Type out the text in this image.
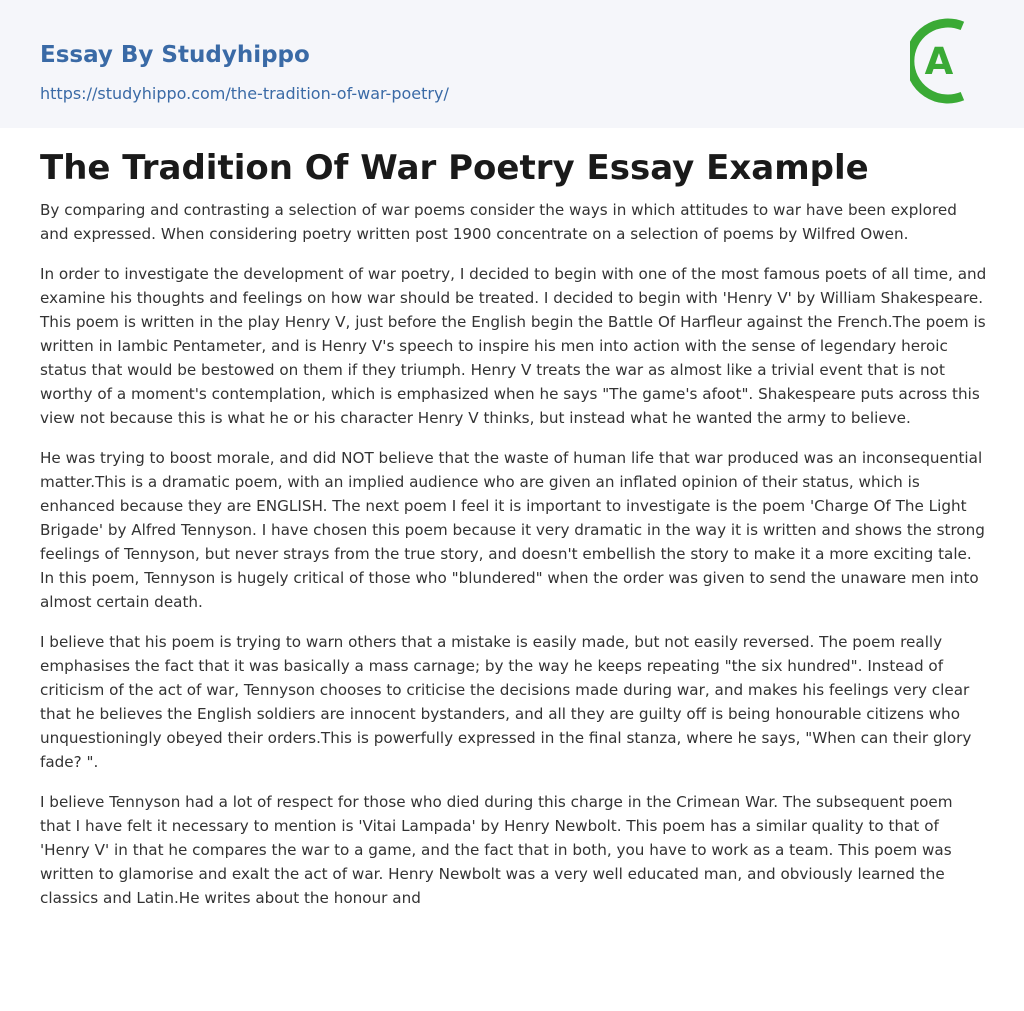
Essay By Studyhippo
https://studyhippo.com/the-tradition-of-war-poetry/
A
The Tradition Of War Poetry Essay Example

By comparing and contrasting a selection of war poems consider the ways in which attitudes to war have been explored and expressed. When considering poetry written post 1900 concentrate on a selection of poems by Wilfred Owen.

In order to investigate the development of war poetry, I decided to begin with one of the most famous poets of all time, and examine his thoughts and feelings on how war should be treated. I decided to begin with 'Henry V' by William Shakespeare. This poem is written in the play Henry V, just before the English begin the Battle Of Harfleur against the French.The poem is written in Iambic Pentameter, and is Henry V's speech to inspire his men into action with the sense of legendary heroic status that would be bestowed on them if they triumph. Henry V treats the war as almost like a trivial event that is not worthy of a moment's contemplation, which is emphasized when he says "The game's afoot". Shakespeare puts across this view not because this is what he or his character Henry V thinks, but instead what he wanted the army to believe.

He was trying to boost morale, and did NOT believe that the waste of human life that war produced was an inconsequential matter.This is a dramatic poem, with an implied audience who are given an inflated opinion of their status, which is enhanced because they are ENGLISH. The next poem I feel it is important to investigate is the poem 'Charge Of The Light Brigade' by Alfred Tennyson. I have chosen this poem because it very dramatic in the way it is written and shows the strong feelings of Tennyson, but never strays from the true story, and doesn't embellish the story to make it a more exciting tale. In this poem, Tennyson is hugely critical of those who "blundered" when the order was given to send the unaware men into almost certain death.

I believe that his poem is trying to warn others that a mistake is easily made, but not easily reversed. The poem really emphasises the fact that it was basically a mass carnage; by the way he keeps repeating "the six hundred". Instead of criticism of the act of war, Tennyson chooses to criticise the decisions made during war, and makes his feelings very clear that he believes the English soldiers are innocent bystanders, and all they are guilty off is being honourable citizens who unquestioningly obeyed their orders.This is powerfully expressed in the final stanza, where he says, "When can their glory fade? ".

I believe Tennyson had a lot of respect for those who died during this charge in the Crimean War. The subsequent poem that I have felt it necessary to mention is 'Vitai Lampada' by Henry Newbolt. This poem has a similar quality to that of 'Henry V' in that he compares the war to a game, and the fact that in both, you have to work as a team. This poem was written to glamorise and exalt the act of war. Henry Newbolt was a very well educated man, and obviously learned the classics and Latin.He writes about the honour and
